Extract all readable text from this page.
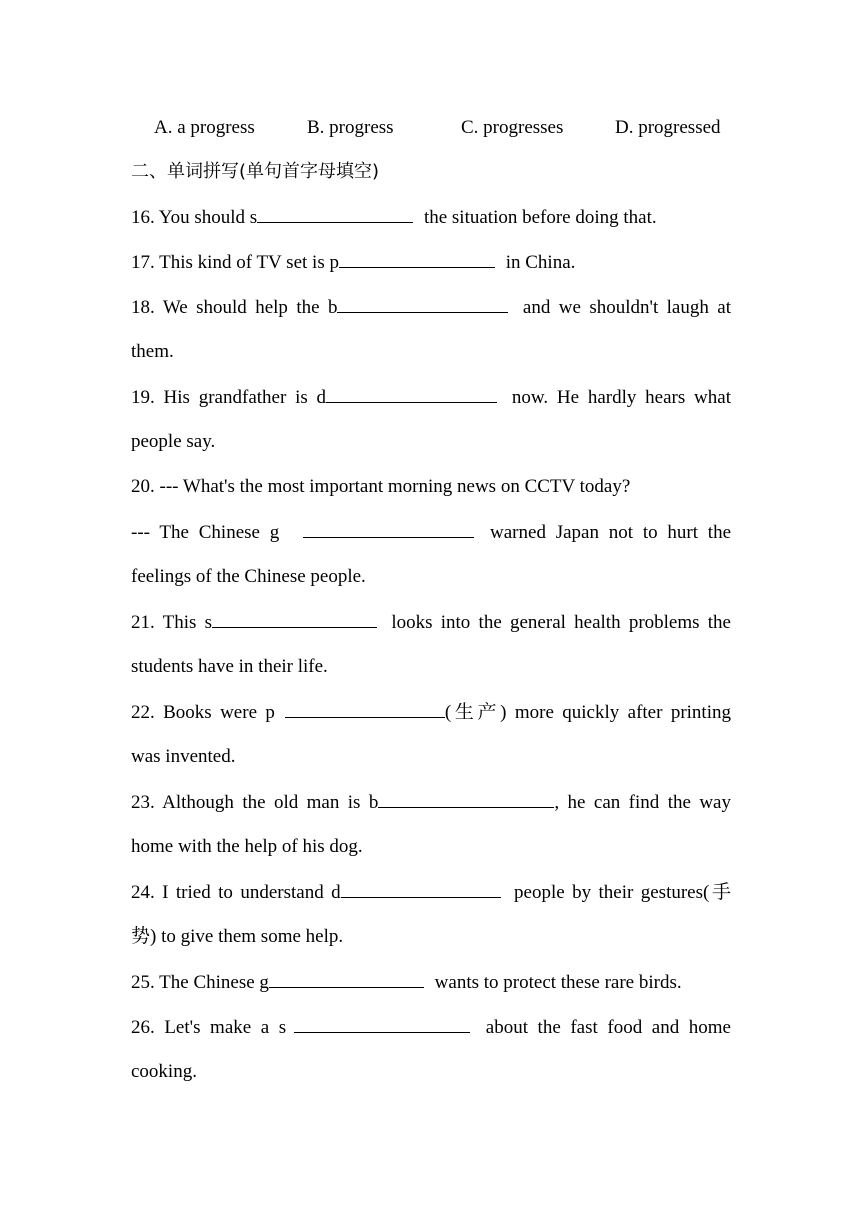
A. a progress	B. progress	C. progresses	D. progressed
二、单词拼写(单句首字母填空)
16. You should s	the situation before doing that.
17. This kind of TV set is p	in China.
18. We should help the b	and we shouldn't laugh at
them.
19. His grandfather is d	now. He hardly hears what
people say.
20. --- What's the most important morning news on CCTV today?
--- The Chinese g	warned Japan not to hurt the
feelings of the Chinese people.
21. This s	looks into the general health problems the
students have in their life.
22. Books were p	(生产) more quickly after printing
was invented.
23. Although the old man is b	, he can find the way
home with the help of his dog.
24. I tried to understand d	people by their gestures(手
势) to give them some help.
25. The Chinese g	wants to protect these rare birds.
26. Let's make a s	about the fast food and home
cooking.
